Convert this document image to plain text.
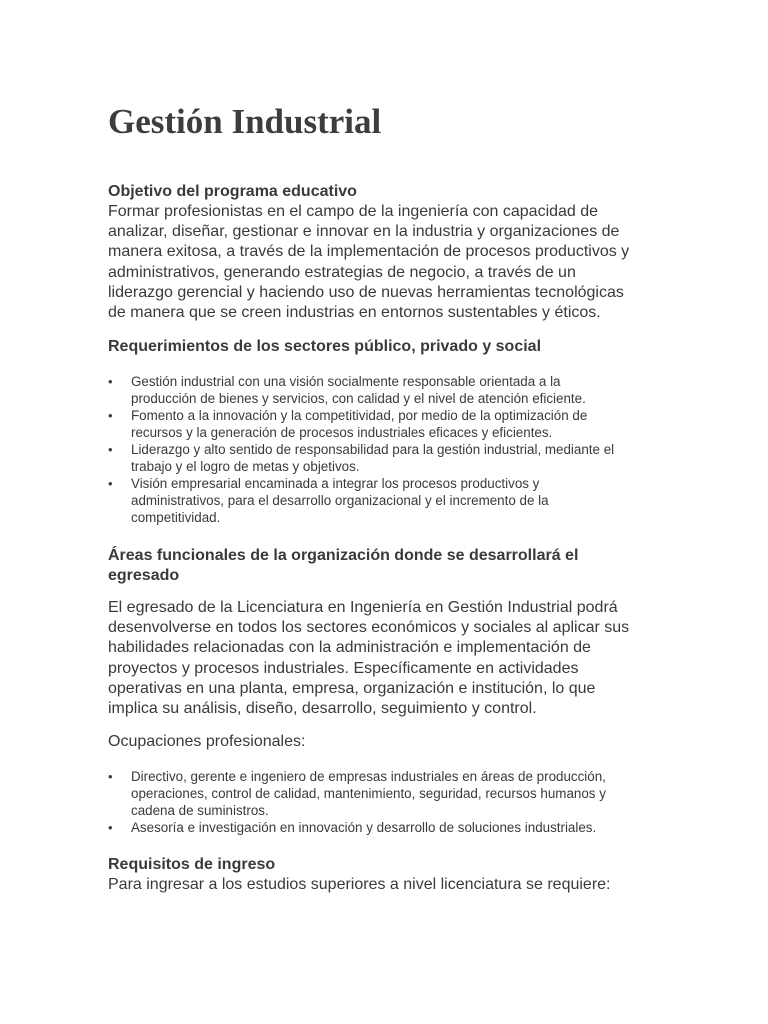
Gestión Industrial

Objetivo del programa educativo

Formar profesionistas en el campo de la ingeniería con capacidad de

analizar, diseñar, gestionar e innovar en la industria y organizaciones de

manera exitosa, a través de la implementación de procesos productivos y

administrativos, generando estrategias de negocio, a través de un

liderazgo gerencial y haciendo uso de nuevas herramientas tecnológicas

de manera que se creen industrias en entornos sustentables y éticos.

Requerimientos de los sectores público, privado y social

• Gestión industrial con una visión socialmente responsable orientada a la
producción de bienes y servicios, con calidad y el nivel de atención eficiente.
• Fomento a la innovación y la competitividad, por medio de la optimización de
recursos y la generación de procesos industriales eficaces y eficientes.
• Liderazgo y alto sentido de responsabilidad para la gestión industrial, mediante el
trabajo y el logro de metas y objetivos.
• Visión empresarial encaminada a integrar los procesos productivos y
administrativos, para el desarrollo organizacional y el incremento de la
competitividad.

Áreas funcionales de la organización donde se desarrollará el

egresado

El egresado de la Licenciatura en Ingeniería en Gestión Industrial podrá

desenvolverse en todos los sectores económicos y sociales al aplicar sus

habilidades relacionadas con la administración e implementación de

proyectos y procesos industriales. Específicamente en actividades

operativas en una planta, empresa, organización e institución, lo que

implica su análisis, diseño, desarrollo, seguimiento y control.

Ocupaciones profesionales:

• Directivo, gerente e ingeniero de empresas industriales en áreas de producción,
operaciones, control de calidad, mantenimiento, seguridad, recursos humanos y
cadena de suministros.
• Asesoría e investigación en innovación y desarrollo de soluciones industriales.

Requisitos de ingreso

Para ingresar a los estudios superiores a nivel licenciatura se requiere:
